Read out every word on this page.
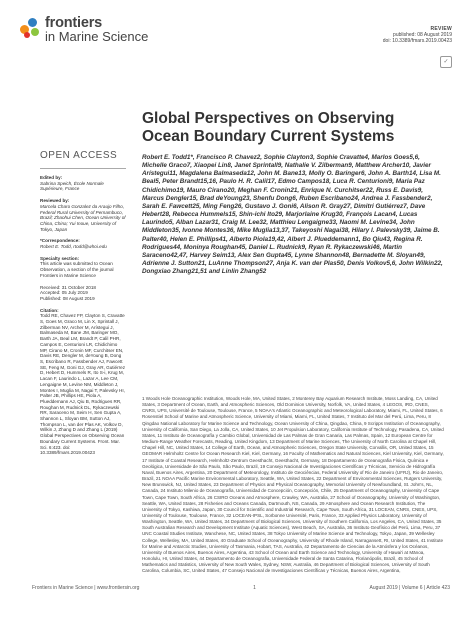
frontiers
in Marine Science	REVIEW
published: 08 August 2019
doi: 10.3389/fmars.2019.00423
✓
OPEN ACCESS
Edited by:
Sabrina Speich, École Normale Supérieure, France
Reviewed by:
Marcela Charo Gonzalez da Araujo Filho, Federal Rural University of Pernambuco, Brazil; Zhaohui Chen, Ocean University of China, China; Yui Inoue, University of Tokyo, Japan
*Correspondence:
Robert E. Todd, rtodd@whoi.edu
Specialty section:
This article was submitted to Ocean Observation, a section of the journal Frontiers in Marine Science
Received: 31 October 2018
Accepted: 05 July 2019
Published: 08 August 2019
Citation:
Todd RE, Chavez FP, Clayton S, Cravatte S, Goes M, Graco M, Lin X, Sprintall J, Zilberman NV, Archer M, Arístegui J, Balmaseda M, Bane JM, Baringer MO, Barth JA, Beal LM, Brandt P, Calil PHR, Campos E, Centurioni LR, Chidichimo MP, Cirano M, Cronin MF, Curchitser EN, Davis RE, Dengler M, deYoung B, Dong S, Escribano R, Fassbender AJ, Fawcett SE, Feng M, Goni GJ, Gray AR, Gutiérrez D, Hebert D, Hummels R, Ito S-i, Krug M, Lacan F, Laurindo L, Lazar A, Lee CM, Lengaigne M, Levine NM, Middleton J, Montes I, Muglia M, Nagai T, Palevsky HI, Palter JB, Phillips HE, Piola A, Plueddemann AJ, Qiu B, Rodrigues RR, Roughan M, Rudnick DL, Rykaczewski RR, Saraceno M, Seim H, Sen Gupta A, Shannon L, Sloyan BM, Sutton AJ, Thompson L, van der Plas AK, Volkov D, Wilkin J, Zhang D and Zhang L (2019) Global Perspectives on Observing Ocean Boundary Current Systems. Front. Mar. Sci. 6:423. doi: 10.3389/fmars.2019.00423
Global Perspectives on Observing Ocean Boundary Current Systems
Robert E. Todd1*, Francisco P. Chavez2, Sophie Clayton3, Sophie Cravatte4, Marlos Goes5,6, Michelle Graco7, Xiaopei Lin8, Janet Sprintall9, Nathalie V. Zilberman9, Matthew Archer10, Javier Arístegui11, Magdalena Balmaseda12, John M. Bane13, Molly O. Baringer6, John A. Barth14, Lisa M. Beal5, Peter Brandt15,16, Paulo H. R. Calil17, Edmo Campos18, Luca R. Centurioni9, Maria Paz Chidichimo19, Mauro Cirano20, Meghan F. Cronin21, Enrique N. Curchitser22, Russ E. Davis9, Marcus Dengler15, Brad deYoung23, Shenfu Dong6, Ruben Escribano24, Andrea J. Fassbender2, Sarah E. Fawcett25, Ming Feng26, Gustavo J. Goni6, Alison R. Gray27, Dimitri Gutiérrez7, Dave Hebert28, Rebecca Hummels15, Shin-ichi Ito29, Marjorlaine Krug30, François Lacan4, Lucas Laurindo5, Alban Lazar31, Craig M. Lee32, Matthieu Lengaigne33, Naomi M. Levine34, John Middleton35, Ivonne Montes36, Mike Muglia13,37, Takeyoshi Nagai38, Hilary I. Palevsky39, Jaime B. Palter40, Helen E. Phillips41, Alberto Piola19,42, Albert J. Plueddemann1, Bo Qiu43, Regina R. Rodrigues44, Moninya Roughan45, Daniel L. Rudnick9, Ryan R. Rykaczewski46, Martin Saraceno42,47, Harvey Seim13, Alex Sen Gupta45, Lynne Shannon48, Bernadette M. Sloyan49, Adrienne J. Sutton21, LuAnne Thompson27, Anja K. van der Plas50, Denis Volkov5,6, John Wilkin22, Dongxiao Zhang21,51 and Linlin Zhang52
1 Woods Hole Oceanographic Institution, Woods Hole, MA, United States, 2 Monterey Bay Aquarium Research Institute, Moss Landing, CA, United States, 3 Department of Ocean, Earth, and Atmospheric Sciences, Old Dominion University, Norfolk, VA, United States, 4 LEGOS, IRD, CNES, CNRS, UPS, Université de Toulouse, Toulouse, France, 5 NOAA's Atlantic Oceanographic and Meteorological Laboratory, Miami, FL, United States, 6 Rosenstiel School of Marine and Atmospheric Science, University of Miami, Miami, FL, United States, 7 Instituto del Mar del Perú, Lima, Peru, 8 Qingdao National Laboratory for Marine Science and Technology, Ocean University of China, Qingdao, China, 9 Scripps Institution of Oceanography, University of California, San Diego, La Jolla, CA, United States, 10 Jet Propulsion Laboratory, California Institute of Technology, Pasadena, CA, United States, 11 Instituto de Oceanografía y Cambio Global, Universidad de Las Palmas de Gran Canaria, Las Palmas, Spain, 12 European Centre for Medium-Range Weather Forecasts, Reading, United Kingdom, 13 Department of Marine Sciences, The University of North Carolina at Chapel Hill, Chapel Hill, NC, United States, 14 College of Earth, Ocean, and Atmospheric Sciences, Oregon State University, Corvallis, OR, United States, 15 GEOMAR Helmholtz Centre for Ocean Research Kiel, Kiel, Germany, 16 Faculty of Mathematics and Natural Sciences, Kiel University, Kiel, Germany, 17 Institute of Coastal Research, Helmholtz-Zentrum Geesthacht, Geesthacht, Germany, 18 Departamento de Oceanografia Física, Química e Geológica, Universidade de São Paulo, São Paulo, Brazil, 19 Consejo Nacional de Investigaciones Científicas y Técnicas, Servicio de Hidrografía Naval, Buenos Aires, Argentina, 20 Department of Meteorology, Instituto de Geociências, Federal University of Rio de Janeiro (UFRJ), Rio de Janeiro, Brazil, 21 NOAA Pacific Marine Environmental Laboratory, Seattle, WA, United States, 22 Department of Environmental Sciences, Rutgers University, New Brunswick, NJ, United States, 23 Department of Physics and Physical Oceanography, Memorial University of Newfoundland, St. John's, NL, Canada, 24 Instituto Milenio de Oceanografía, Universidad de Concepción, Concepción, Chile, 25 Department of Oceanography, University of Cape Town, Cape Town, South Africa, 26 CSIRO Oceans and Atmosphere, Crawley, WA, Australia, 27 School of Oceanography, University of Washington, Seattle, WA, United States, 28 Fisheries and Oceans Canada, Dartmouth, NS, Canada, 29 Atmosphere and Ocean Research Institution, The University of Tokyo, Kashiwa, Japan, 30 Council for Scientific and Industrial Research, Cape Town, South Africa, 31 LOCEAN, CNRS, CNES, UPS, University of Toulouse, Toulouse, France, 32 LOCEAN-IPSL, Sorbonne Université, Paris, France, 33 Applied Physics Laboratory, University of Washington, Seattle, WA, United States, 34 Department of Biological Sciences, University of Southern California, Los Angeles, CA, United States, 35 South Australian Research and Development Institute (Aquatic Sciences), West Beach, SA, Australia, 36 Instituto Geofísico del Perú, Lima, Peru, 37 UNC Coastal Studies Institute, Wanchese, NC, United States, 38 Tokyo University of Marine Science and Technology, Tokyo, Japan, 39 Wellesley College, Wellesley, MA, United States, 40 Graduate School of Oceanography, University of Rhode Island, Narragansett, RI, United States, 41 Institute for Marine and Antarctic Studies, University of Tasmania, Hobart, TAS, Australia, 42 Departamento de Ciencias de la Atmósfera y los Océanos, University of Buenos Aires, Buenos Aires, Argentina, 43 School of Ocean and Earth Science and Technology, University of Hawai'i at Mānoa, Honolulu, HI, United States, 44 Departamento de Oceanografia, Universidade Federal de Santa Catarina, Florianópolis, Brazil, 45 School of Mathematics and Statistics, University of New South Wales, Sydney, NSW, Australia, 46 Department of Biological Sciences, University of South Carolina, Columbia, SC, United States, 47 Consejo Nacional de Investigaciones Científicas y Técnicas, Buenos Aires, Argentina,
Frontiers in Marine Science | www.frontiersin.org	1	August 2019 | Volume 6 | Article 423
